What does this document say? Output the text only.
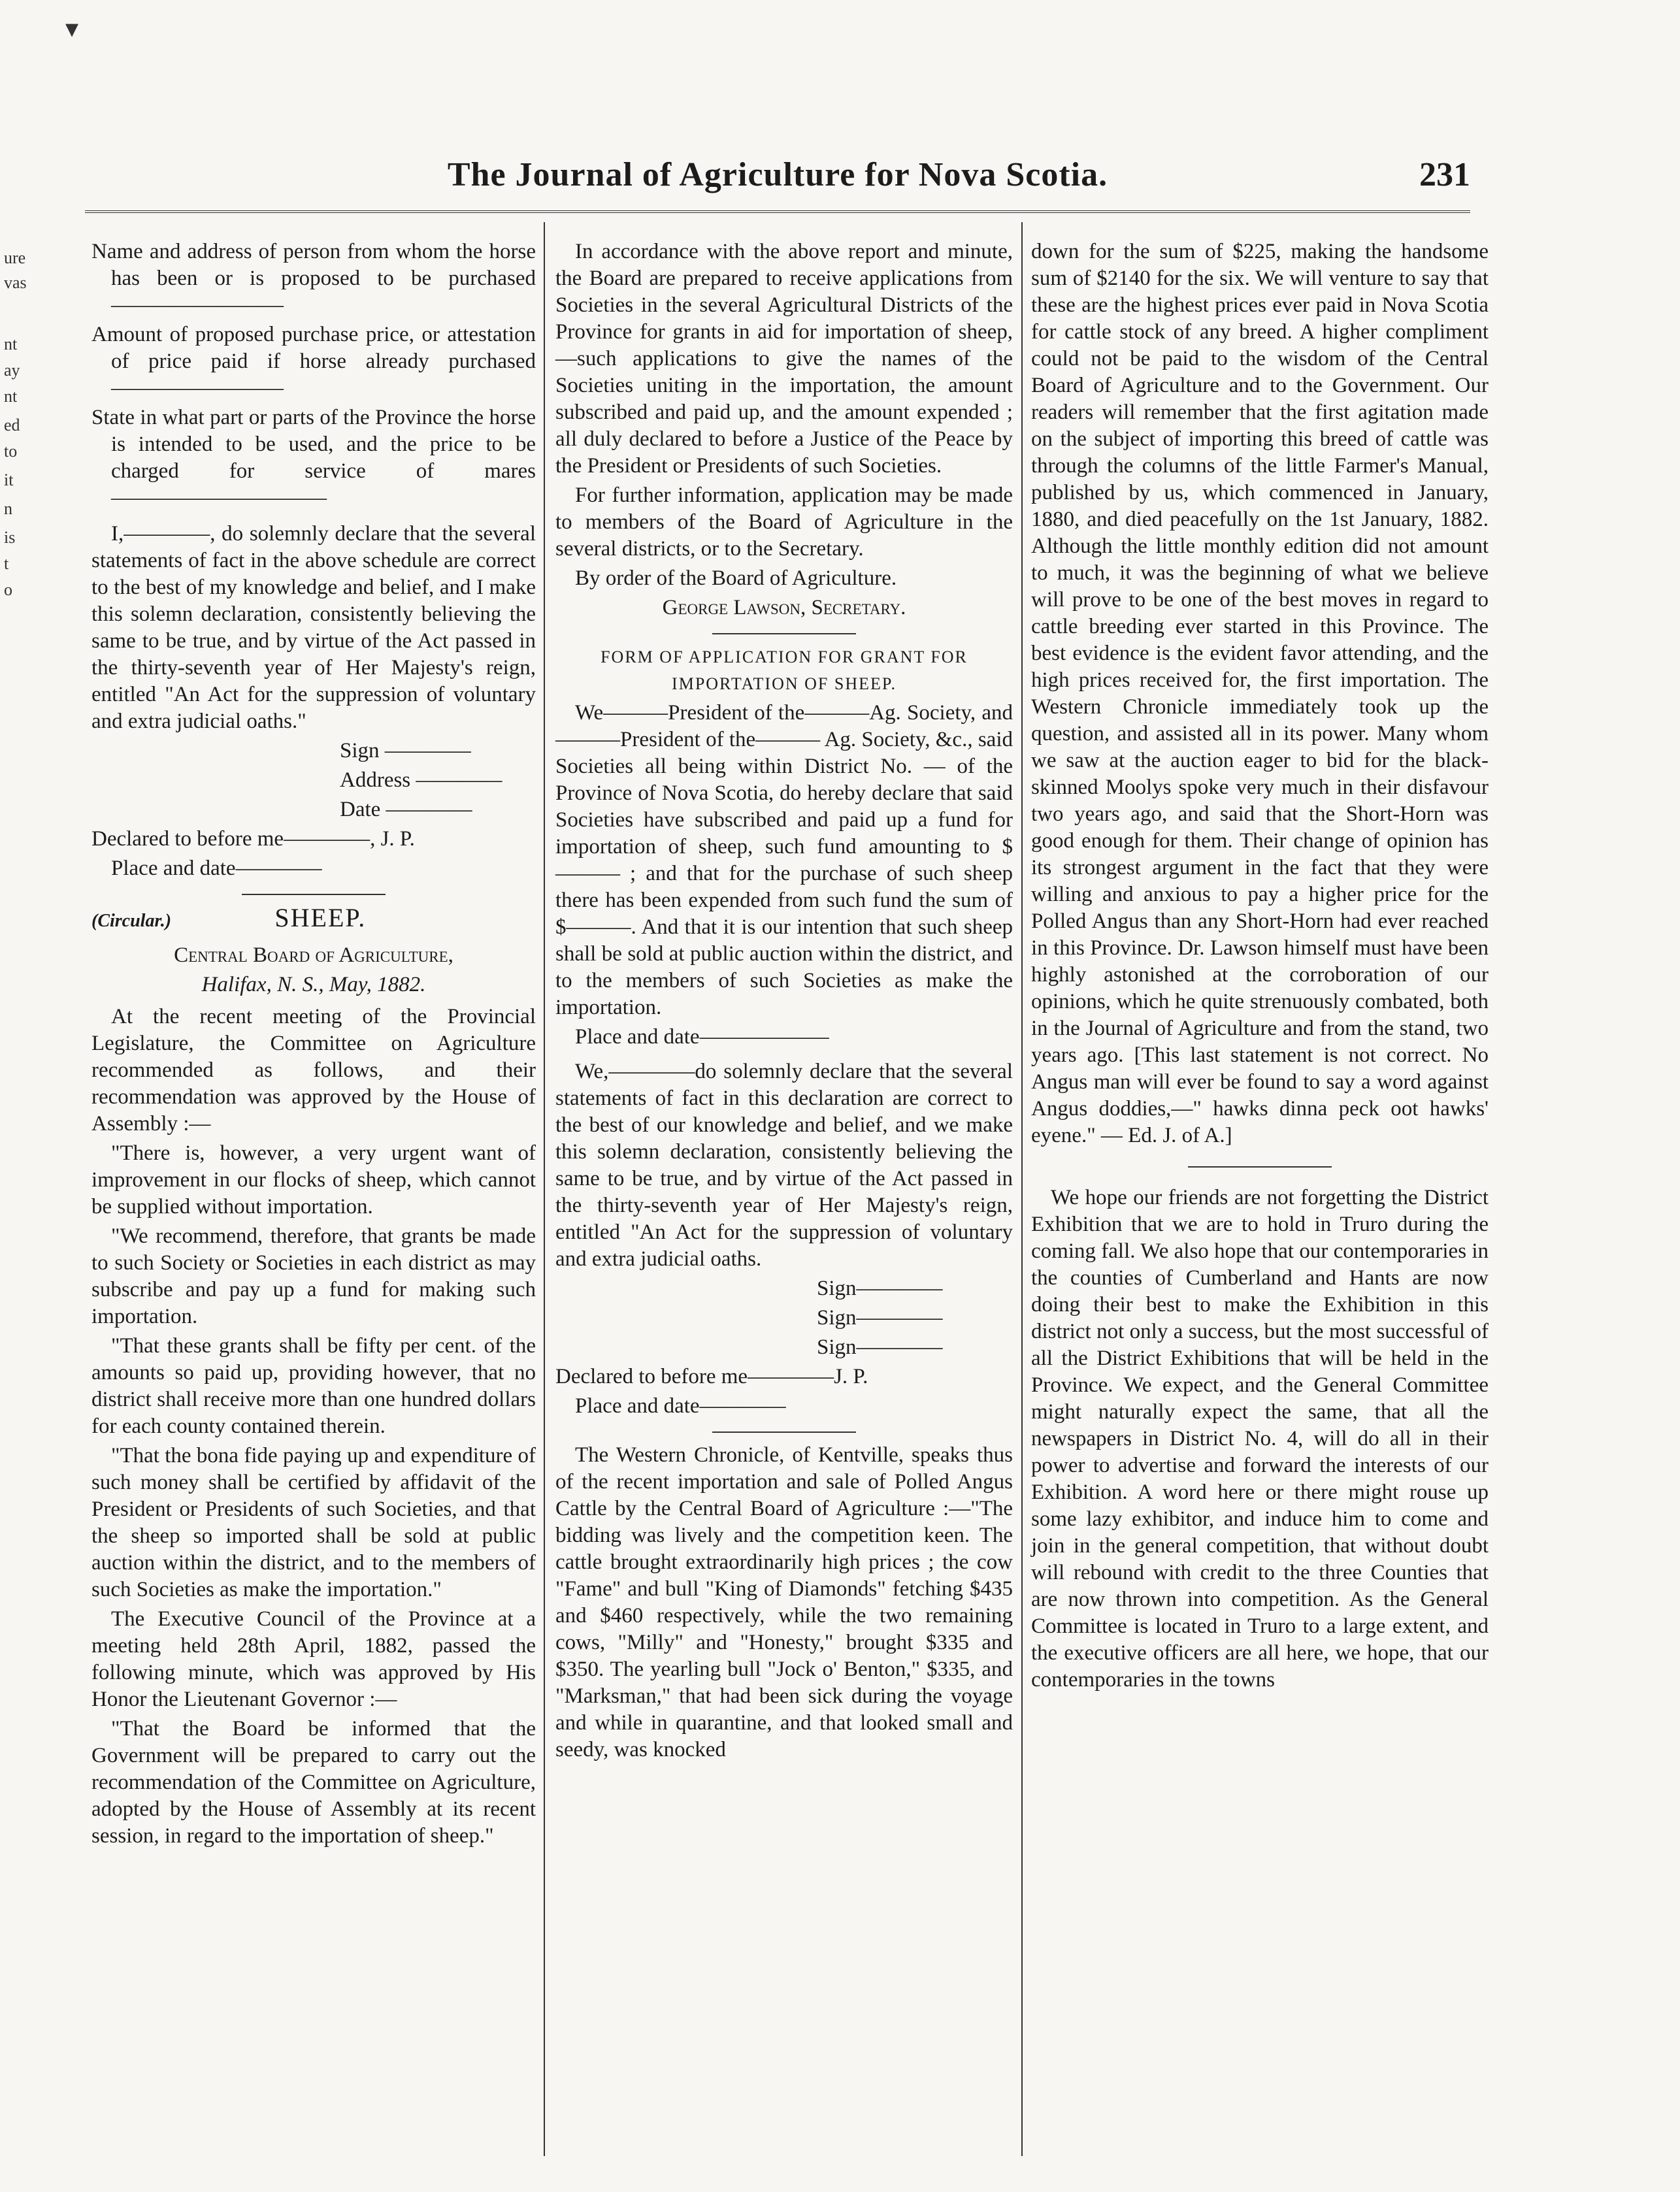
▾
ure
vas
nt
ay
nt
ed
to
it
n
is
t
o
The Journal of Agriculture for Nova Scotia.	231

Name and address of person from whom the horse has been or is proposed to be purchased————————

Amount of proposed purchase price, or attestation of price paid if horse already purchased ————————

State in what part or parts of the Province the horse is intended to be used, and the price to be charged for service of mares——————————

I,————, do solemnly declare that the several statements of fact in the above schedule are correct to the best of my knowledge and belief, and I make this solemn declaration, consistently believing the same to be true, and by virtue of the Act passed in the thirty-seventh year of Her Majesty's reign, entitled "An Act for the suppression of voluntary and extra judicial oaths."

Sign ————

Address ————

Date ————

Declared to before me————, J. P.

Place and date————

(Circular.)	SHEEP.

Central Board of Agriculture,

Halifax, N. S., May, 1882.

At the recent meeting of the Provincial Legislature, the Committee on Agriculture recommended as follows, and their recommendation was approved by the House of Assembly :—

"There is, however, a very urgent want of improvement in our flocks of sheep, which cannot be supplied without importation.

"We recommend, therefore, that grants be made to such Society or Societies in each district as may subscribe and pay up a fund for making such importation.

"That these grants shall be fifty per cent. of the amounts so paid up, providing however, that no district shall receive more than one hundred dollars for each county contained therein.

"That the bona fide paying up and expenditure of such money shall be certified by affidavit of the President or Presidents of such Societies, and that the sheep so imported shall be sold at public auction within the district, and to the members of such Societies as make the importation."

The Executive Council of the Province at a meeting held 28th April, 1882, passed the following minute, which was approved by His Honor the Lieutenant Governor :—

"That the Board be informed that the Government will be prepared to carry out the recommendation of the Committee on Agriculture, adopted by the House of Assembly at its recent session, in regard to the importation of sheep."

In accordance with the above report and minute, the Board are prepared to receive applications from Societies in the several Agricultural Districts of the Province for grants in aid for importation of sheep,—such applications to give the names of the Societies uniting in the importation, the amount subscribed and paid up, and the amount expended ; all duly declared to before a Justice of the Peace by the President or Presidents of such Societies.

For further information, application may be made to members of the Board of Agriculture in the several districts, or to the Secretary.

By order of the Board of Agriculture.

George Lawson, Secretary.

FORM OF APPLICATION FOR GRANT FOR IMPORTATION OF SHEEP.

We———President of the———Ag. Society, and———President of the——— Ag. Society, &c., said Societies all being within District No. — of the Province of Nova Scotia, do hereby declare that said Societies have subscribed and paid up a fund for importation of sheep, such fund amounting to $——— ; and that for the purchase of such sheep there has been expended from such fund the sum of $———. And that it is our intention that such sheep shall be sold at public auction within the district, and to the members of such Societies as make the importation.

Place and date——————

We,————do solemnly declare that the several statements of fact in this declaration are correct to the best of our knowledge and belief, and we make this solemn declaration, consistently believing the same to be true, and by virtue of the Act passed in the thirty-seventh year of Her Majesty's reign, entitled "An Act for the suppression of voluntary and extra judicial oaths.

Sign————

Sign————

Sign————

Declared to before me————J. P.

Place and date————

The Western Chronicle, of Kentville, speaks thus of the recent importation and sale of Polled Angus Cattle by the Central Board of Agriculture :—"The bidding was lively and the competition keen. The cattle brought extraordinarily high prices ; the cow "Fame" and bull "King of Diamonds" fetching $435 and $460 respectively, while the two remaining cows, "Milly" and "Honesty," brought $335 and $350. The yearling bull "Jock o' Benton," $335, and "Marksman," that had been sick during the voyage and while in quarantine, and that looked small and seedy, was knocked

down for the sum of $225, making the handsome sum of $2140 for the six. We will venture to say that these are the highest prices ever paid in Nova Scotia for cattle stock of any breed. A higher compliment could not be paid to the wisdom of the Central Board of Agriculture and to the Government. Our readers will remember that the first agitation made on the subject of importing this breed of cattle was through the columns of the little Farmer's Manual, published by us, which commenced in January, 1880, and died peacefully on the 1st January, 1882. Although the little monthly edition did not amount to much, it was the beginning of what we believe will prove to be one of the best moves in regard to cattle breeding ever started in this Province. The best evidence is the evident favor attending, and the high prices received for, the first importation. The Western Chronicle immediately took up the question, and assisted all in its power. Many whom we saw at the auction eager to bid for the black-skinned Moolys spoke very much in their disfavour two years ago, and said that the Short-Horn was good enough for them. Their change of opinion has its strongest argument in the fact that they were willing and anxious to pay a higher price for the Polled Angus than any Short-Horn had ever reached in this Province. Dr. Lawson himself must have been highly astonished at the corroboration of our opinions, which he quite strenuously combated, both in the Journal of Agriculture and from the stand, two years ago. [This last statement is not correct. No Angus man will ever be found to say a word against Angus doddies,—" hawks dinna peck oot hawks' eyene." — Ed. J. of A.]

We hope our friends are not forgetting the District Exhibition that we are to hold in Truro during the coming fall. We also hope that our contemporaries in the counties of Cumberland and Hants are now doing their best to make the Exhibition in this district not only a success, but the most successful of all the District Exhibitions that will be held in the Province. We expect, and the General Committee might naturally expect the same, that all the newspapers in District No. 4, will do all in their power to advertise and forward the interests of our Exhibition. A word here or there might rouse up some lazy exhibitor, and induce him to come and join in the general competition, that without doubt will rebound with credit to the three Counties that are now thrown into competition. As the General Committee is located in Truro to a large extent, and the executive officers are all here, we hope, that our contemporaries in the towns
